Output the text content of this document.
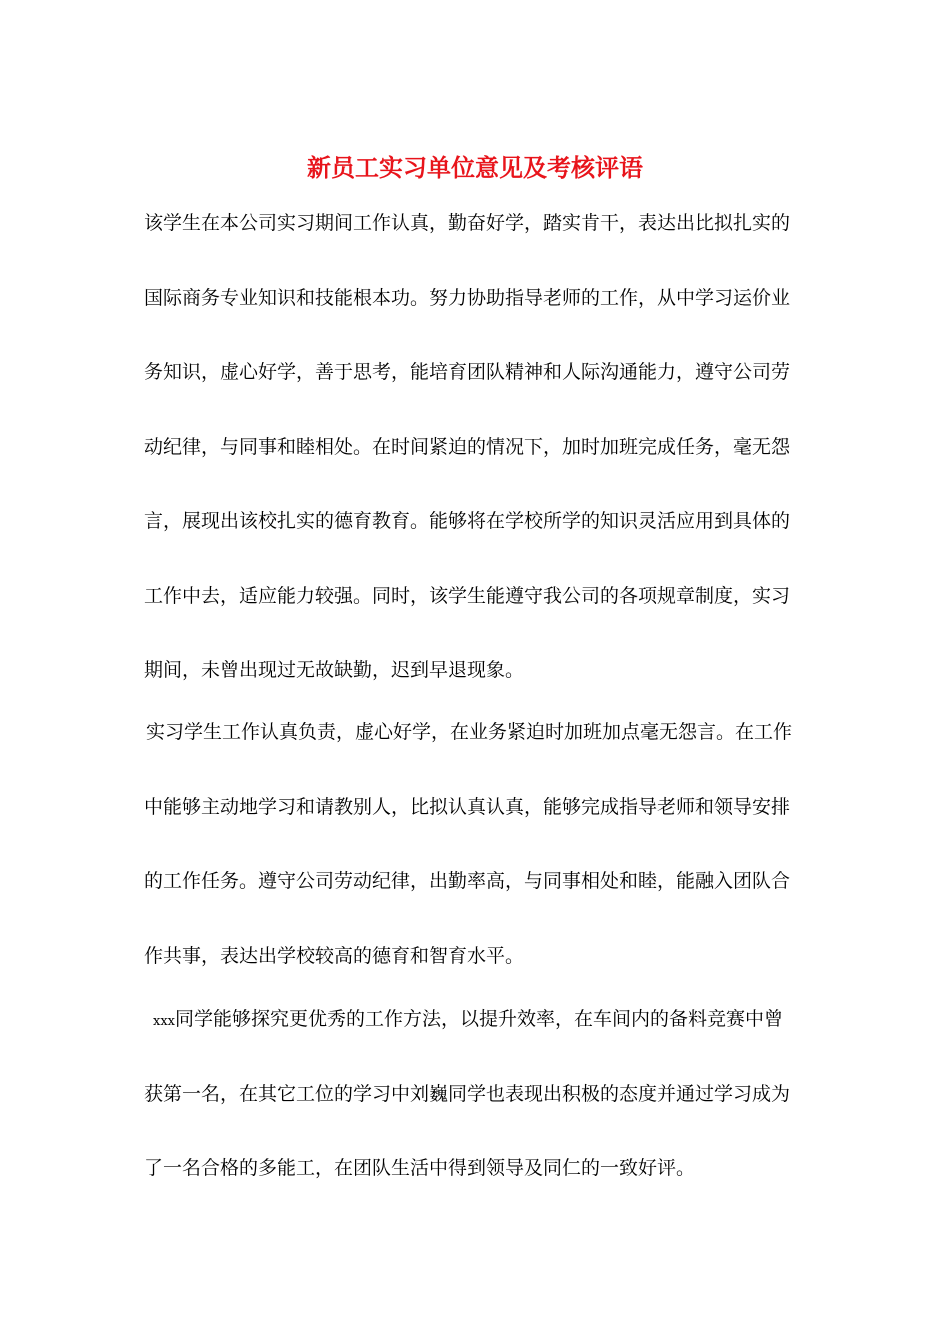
新员工实习单位意见及考核评语

该学生在本公司实习期间工作认真，勤奋好学，踏实肯干，表达出比拟扎实的

国际商务专业知识和技能根本功。努力协助指导老师的工作，从中学习运价业

务知识，虚心好学，善于思考，能培育团队精神和人际沟通能力，遵守公司劳

动纪律，与同事和睦相处。在时间紧迫的情况下，加时加班完成任务，毫无怨

言，展现出该校扎实的德育教育。能够将在学校所学的知识灵活应用到具体的

工作中去，适应能力较强。同时，该学生能遵守我公司的各项规章制度，实习

期间，未曾出现过无故缺勤，迟到早退现象。

实习学生工作认真负责，虚心好学，在业务紧迫时加班加点毫无怨言。在工作

中能够主动地学习和请教别人，比拟认真认真，能够完成指导老师和领导安排

的工作任务。遵守公司劳动纪律，出勤率高，与同事相处和睦，能融入团队合

作共事，表达出学校较高的德育和智育水平。

xxx同学能够探究更优秀的工作方法，以提升效率，在车间内的备料竞赛中曾

获第一名，在其它工位的学习中刘巍同学也表现出积极的态度并通过学习成为

了一名合格的多能工，在团队生活中得到领导及同仁的一致好评。
